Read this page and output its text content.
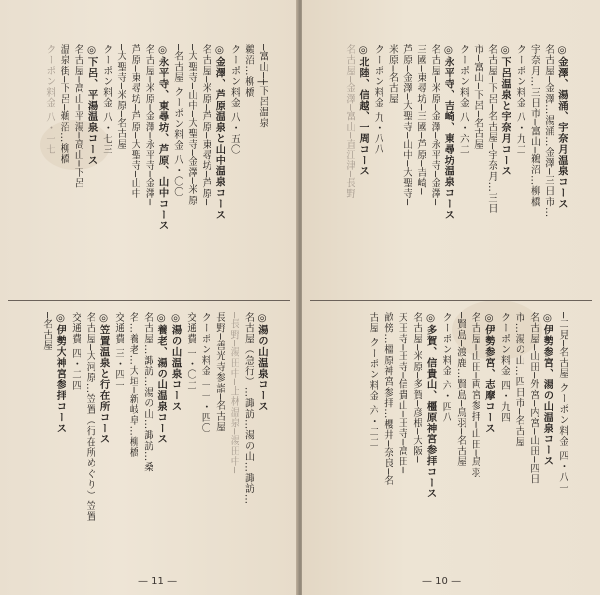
— 11 —	— 10 —
─富山─┼下呂温泉
鵜沼…柳橋
クーポン料金 八・五〇
◎金澤、芦原温泉と山中温泉コース
名古屋─米原─芦原─東尋坊─芦原─
─大聖寺─山中─大聖寺─金澤─米原
─名古屋 クーポン料金 八・〇〇
◎永平寺、東尋坊、芦原、山中コース
名古屋─米原─金澤─永平寺─金澤─
芦原─東尋坊─芦原─大聖寺─山中
─大聖寺─米原─名古屋
クーポン料金 八・七三
◎下呂、平湯温泉コース
名古屋─高山─平湯─高山─下呂
温泉街─下呂─鵜沼…柳橋
クーポン料金 八・一七
◎湯の山温泉コース
名古屋（急行）…諏訪…湯の山…諏訪…
─長野─湯田中─上林温泉─湯田中─
長野─善光寺参詣─名古屋
クーポン料金 一一・四〇
交通費 一・〇二
◎湯の山温泉コース
◎養老、湯の山温泉コース
名古屋…諏訪…湯の山…諏訪…桑
名…養老…大垣─新岐阜…柳橋
交通費 三・四一
◎笠置温泉と行在所コース
名古屋─大河原…笠置（行在所めぐり）笠置
交通費 四・二四
◎伊勢大神宮参拝コース
─名古屋
◎金澤、湯涌、宇奈月温泉コース
名古屋─金澤…湯涌…金澤─三日市…
宇奈月…三日市─富山─鵜沼…柳橋
クーポン料金 八・九二
◎下呂温泉と宇奈月コース
名古屋─下呂─名古屋─宇奈月…三日
市─富山─下呂─名古屋
クーポン料金 八・六二
◎永平寺、吉崎、東尋坊温泉コース
名古屋─米原─金澤─永平寺─金澤─
三國─東尋坊─三國─芦原─吉崎─
芦原─金澤─大聖寺─山中─大聖寺─
米原─名古屋
クーポン料金 九・八八
◎北陸、信越、一周コース
名古屋─金澤─富山─直江津─長野
─二見─名古屋 クーポン料金 四・八一
◎伊勢参宮、湯の山温泉コース
名古屋─山田─外宮─内宮─山田─四日
市…湯の山…四日市─名古屋
クーポン料金 四・九四
◎伊勢参宮、志摩コース
名古屋─山田─両宮参拝─山田─鳥羽
─賢島─渡鹿…賢島─鳥羽─名古屋
クーポン料金 六・四八
◎多賀、信貴山、橿原神宮参拝コース
名古屋─米原─多賀─彦根─大阪─
天王寺─王寺─信貴山─王寺─高田─
畝傍…橿原神宮参拝…櫻井─奈良─名
古屋 クーポン料金 六・二二
